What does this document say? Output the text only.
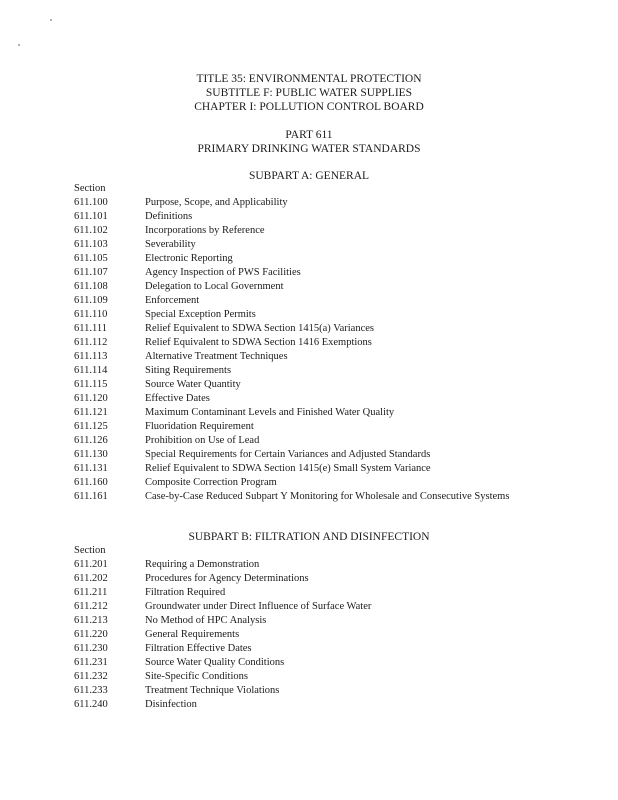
TITLE 35: ENVIRONMENTAL PROTECTION
SUBTITLE F: PUBLIC WATER SUPPLIES
CHAPTER I: POLLUTION CONTROL BOARD
PART 611
PRIMARY DRINKING WATER STANDARDS
SUBPART A: GENERAL
Section
611.100	Purpose, Scope, and Applicability
611.101	Definitions
611.102	Incorporations by Reference
611.103	Severability
611.105	Electronic Reporting
611.107	Agency Inspection of PWS Facilities
611.108	Delegation to Local Government
611.109	Enforcement
611.110	Special Exception Permits
611.111	Relief Equivalent to SDWA Section 1415(a) Variances
611.112	Relief Equivalent to SDWA Section 1416 Exemptions
611.113	Alternative Treatment Techniques
611.114	Siting Requirements
611.115	Source Water Quantity
611.120	Effective Dates
611.121	Maximum Contaminant Levels and Finished Water Quality
611.125	Fluoridation Requirement
611.126	Prohibition on Use of Lead
611.130	Special Requirements for Certain Variances and Adjusted Standards
611.131	Relief Equivalent to SDWA Section 1415(e) Small System Variance
611.160	Composite Correction Program
611.161	Case-by-Case Reduced Subpart Y Monitoring for Wholesale and Consecutive Systems
SUBPART B: FILTRATION AND DISINFECTION
Section
611.201	Requiring a Demonstration
611.202	Procedures for Agency Determinations
611.211	Filtration Required
611.212	Groundwater under Direct Influence of Surface Water
611.213	No Method of HPC Analysis
611.220	General Requirements
611.230	Filtration Effective Dates
611.231	Source Water Quality Conditions
611.232	Site-Specific Conditions
611.233	Treatment Technique Violations
611.240	Disinfection
